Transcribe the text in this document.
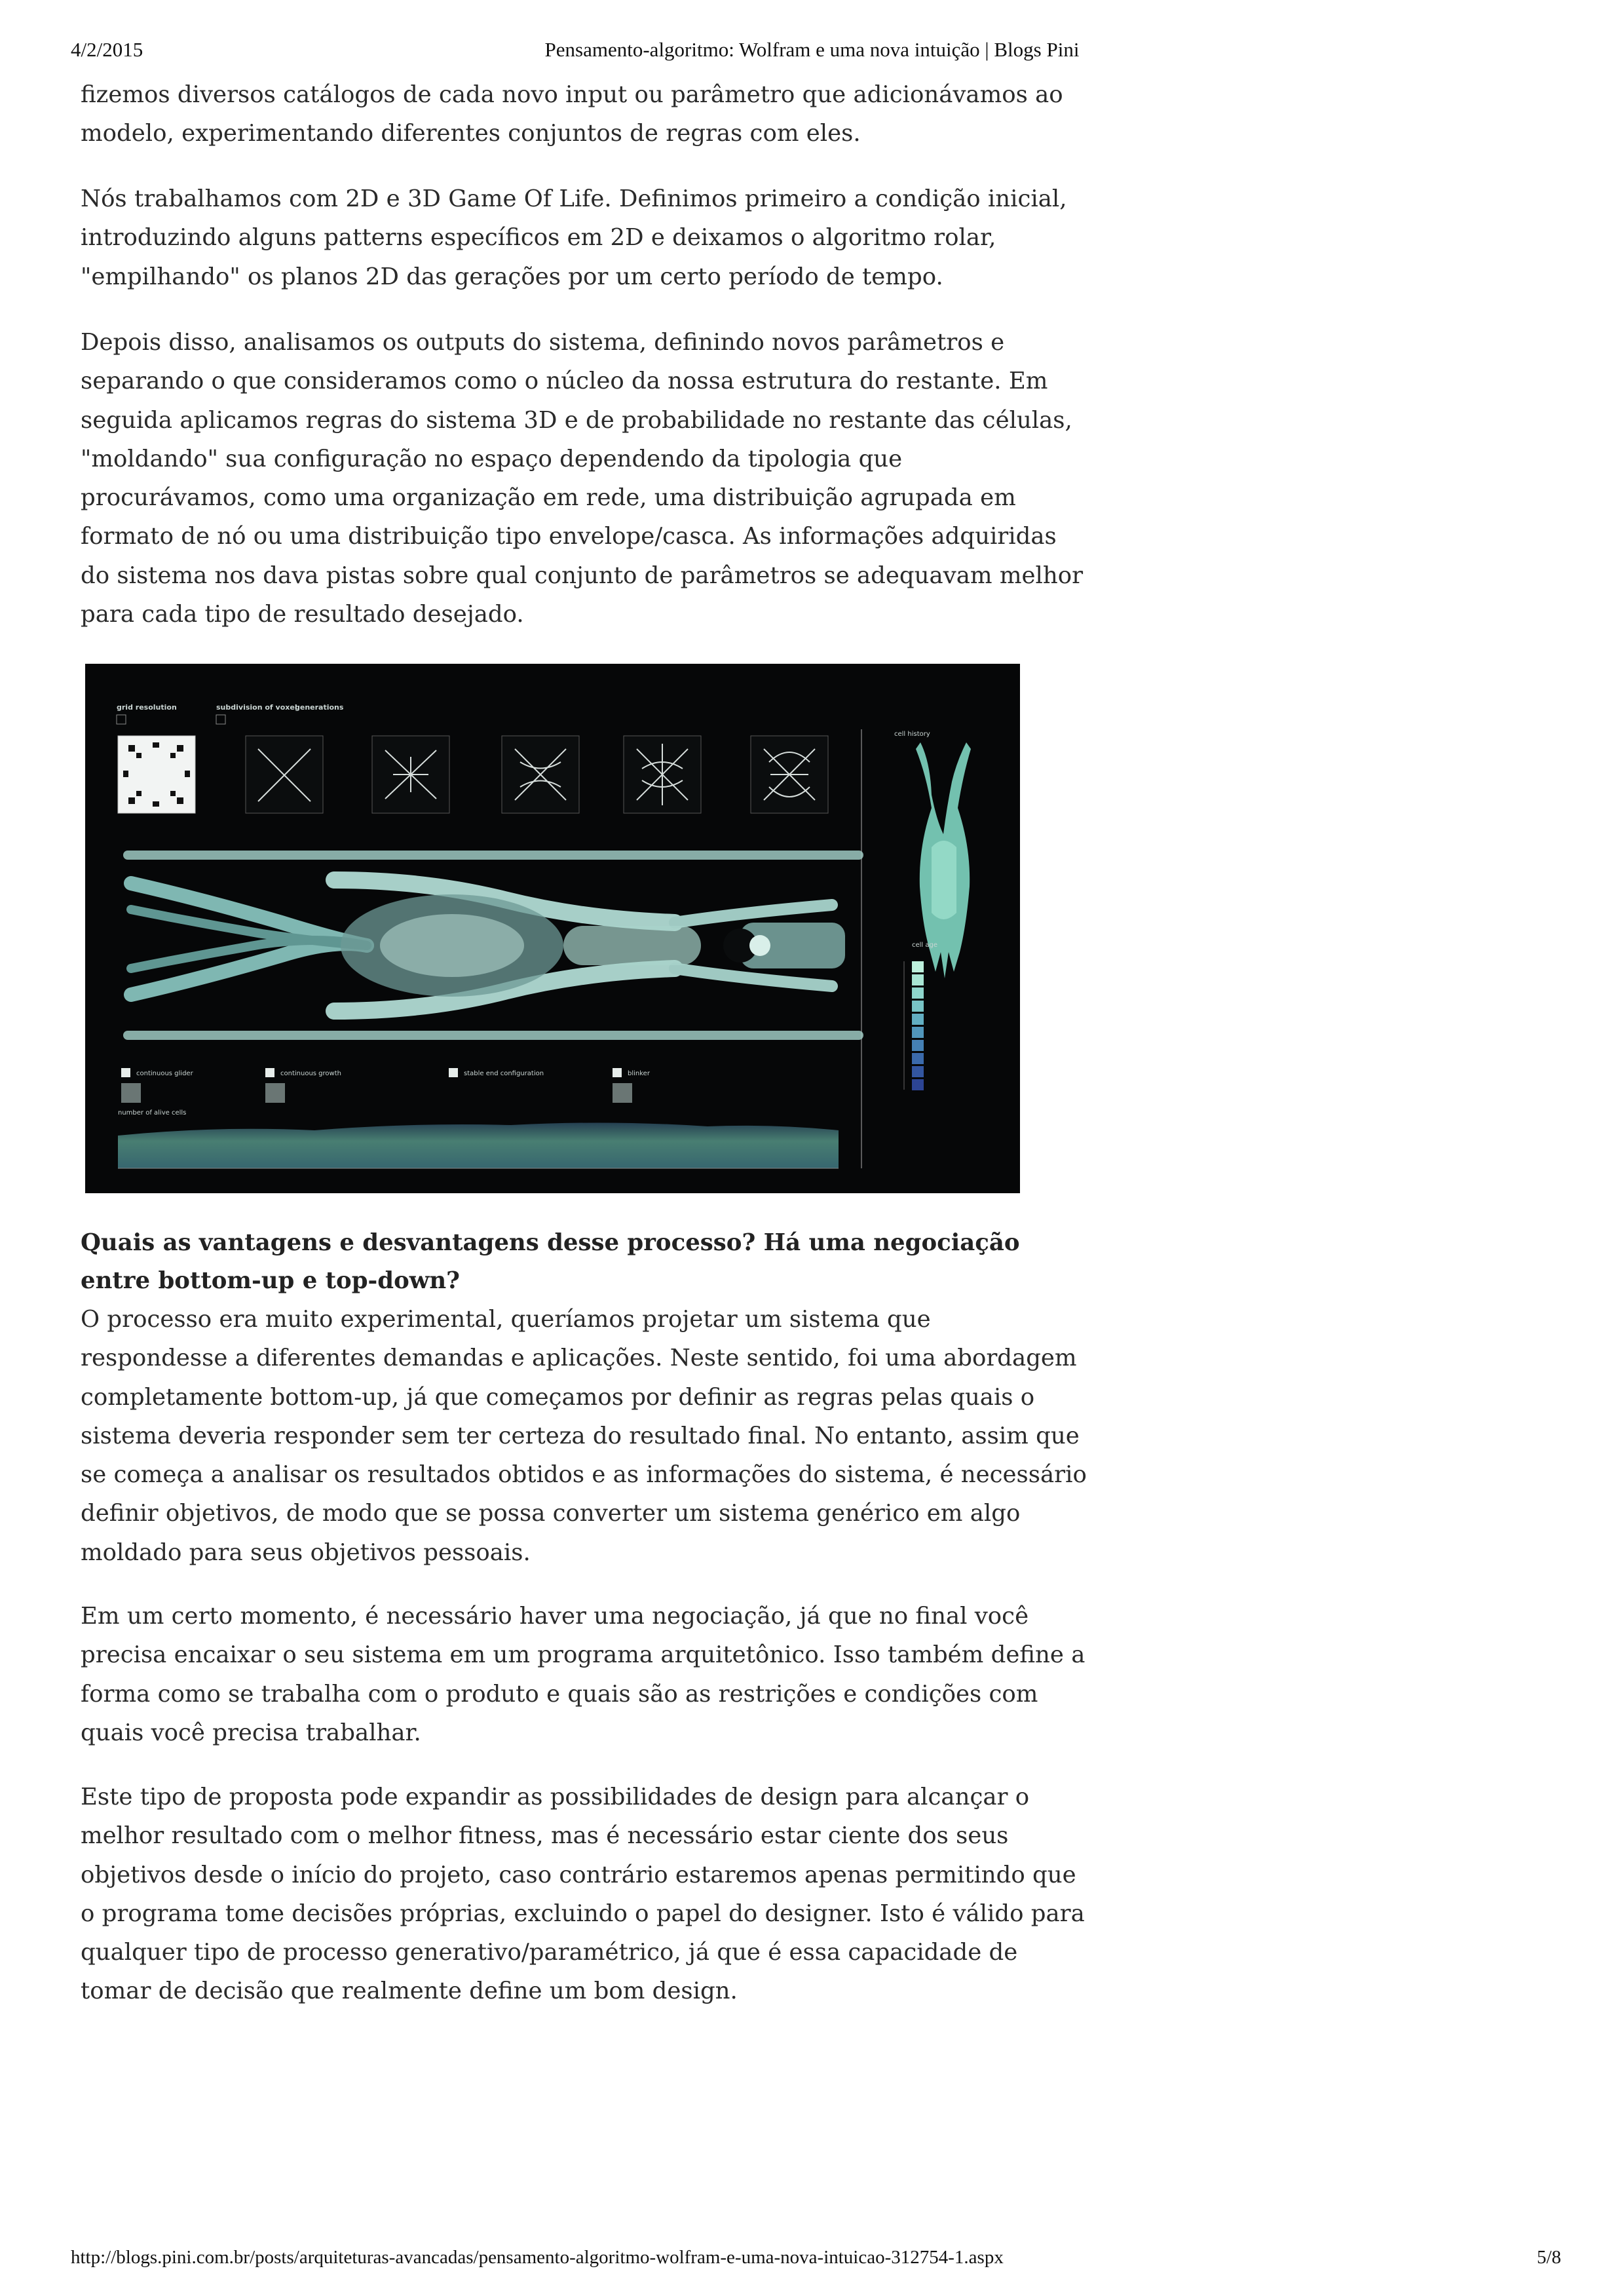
4/2/2015	Pensamento-algoritmo: Wolfram e uma nova intuição | Blogs Pini
fizemos diversos catálogos de cada novo input ou parâmetro que adicionávamos ao
modelo, experimentando diferentes conjuntos de regras com eles.
Nós trabalhamos com 2D e 3D Game Of Life. Definimos primeiro a condição inicial,
introduzindo alguns patterns específicos em 2D e deixamos o algoritmo rolar,
"empilhando" os planos 2D das gerações por um certo período de tempo.
Depois disso, analisamos os outputs do sistema, definindo novos parâmetros e
separando o que consideramos como o núcleo da nossa estrutura do restante. Em
seguida aplicamos regras do sistema 3D e de probabilidade no restante das células,
"moldando" sua configuração no espaço dependendo da tipologia que
procurávamos, como uma organização em rede, uma distribuição agrupada em
formato de nó ou uma distribuição tipo envelope/casca. As informações adquiridas
do sistema nos dava pistas sobre qual conjunto de parâmetros se adequavam melhor
para cada tipo de resultado desejado.
grid resolution	subdivision of voxel
generations
cell history
cell age
continuous glider	continuous growth	stable end configuration	blinker
number of alive cells
Quais as vantagens e desvantagens desse processo? Há uma negociação
entre bottom-up e top-down?
O processo era muito experimental, queríamos projetar um sistema que
respondesse a diferentes demandas e aplicações. Neste sentido, foi uma abordagem
completamente bottom-up, já que começamos por definir as regras pelas quais o
sistema deveria responder sem ter certeza do resultado final. No entanto, assim que
se começa a analisar os resultados obtidos e as informações do sistema, é necessário
definir objetivos, de modo que se possa converter um sistema genérico em algo
moldado para seus objetivos pessoais.
Em um certo momento, é necessário haver uma negociação, já que no final você
precisa encaixar o seu sistema em um programa arquitetônico. Isso também define a
forma como se trabalha com o produto e quais são as restrições e condições com
quais você precisa trabalhar.
Este tipo de proposta pode expandir as possibilidades de design para alcançar o
melhor resultado com o melhor fitness, mas é necessário estar ciente dos seus
objetivos desde o início do projeto, caso contrário estaremos apenas permitindo que
o programa tome decisões próprias, excluindo o papel do designer. Isto é válido para
qualquer tipo de processo generativo/paramétrico, já que é essa capacidade de
tomar de decisão que realmente define um bom design.
http://blogs.pini.com.br/posts/arquiteturas-avancadas/pensamento-algoritmo-wolfram-e-uma-nova-intuicao-312754-1.aspx	5/8
